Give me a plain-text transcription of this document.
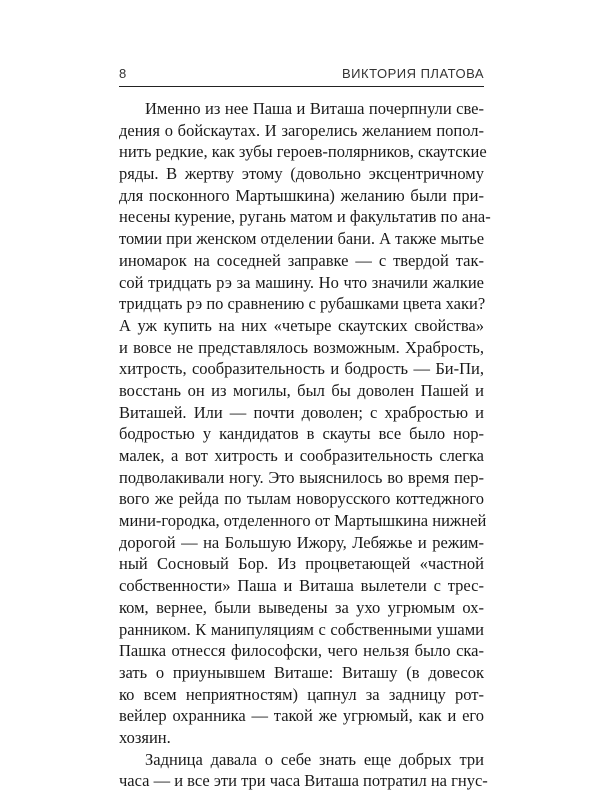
8	ВИКТОРИЯ ПЛАТОВА
Именно из нее Паша и Виташа почерпнули све-
дения о бойскаутах. И загорелись желанием попол-
нить редкие, как зубы героев-полярников, скаутские
ряды. В жертву этому (довольно эксцентричному
для посконного Мартышкина) желанию были при-
несены курение, ругань матом и факультатив по ана-
томии при женском отделении бани. А также мытье
иномарок на соседней заправке — с твердой так-
сой тридцать рэ за машину. Но что значили жалкие
тридцать рэ по сравнению с рубашками цвета хаки?
А уж купить на них «четыре скаутских свойства»
и вовсе не представлялось возможным. Храбрость,
хитрость, сообразительность и бодрость — Би-Пи,
восстань он из могилы, был бы доволен Пашей и
Виташей. Или — почти доволен; с храбростью и
бодростью у кандидатов в скауты все было нор-
малек, а вот хитрость и сообразительность слегка
подволакивали ногу. Это выяснилось во время пер-
вого же рейда по тылам новорусского коттеджного
мини-городка, отделенного от Мартышкина нижней
дорогой — на Большую Ижору, Лебяжье и режим-
ный Сосновый Бор. Из процветающей «частной
собственности» Паша и Виташа вылетели с трес-
ком, вернее, были выведены за ухо угрюмым ох-
ранником. К манипуляциям с собственными ушами
Пашка отнесся философски, чего нельзя было ска-
зать о приунывшем Виташе: Виташу (в довесок
ко всем неприятностям) цапнул за задницу рот-
вейлер охранника — такой же угрюмый, как и его
хозяин.
Задница давала о себе знать еще добрых три
часа — и все эти три часа Виташа потратил на гнус-
